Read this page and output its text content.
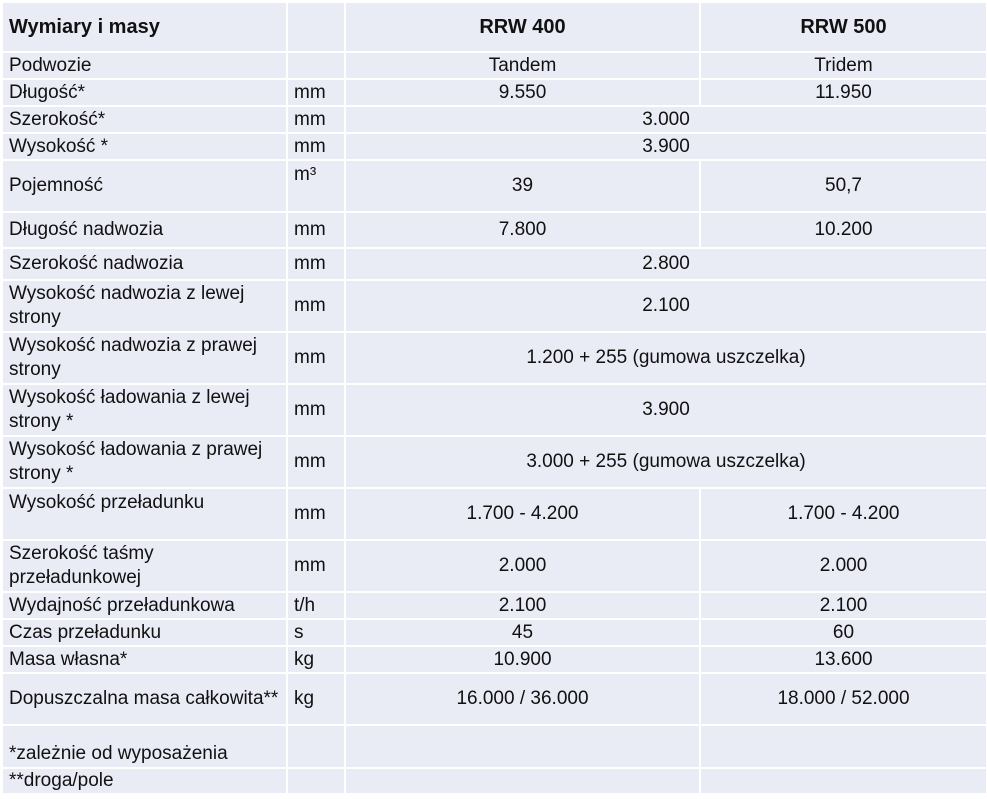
Wymiary i masy		RRW 400	RRW 500
Podwozie		Tandem	Tridem
Długość*	mm	9.550	11.950
Szerokość*	mm	3.000	
Wysokość *	mm	3.900	
Pojemność	m³	39	50,7
Długość nadwozia	mm	7.800	10.200
Szerokość nadwozia	mm	2.800	
Wysokość nadwozia z lewej strony	mm	2.100	
Wysokość nadwozia z prawej strony	mm	1.200 + 255 (gumowa uszczelka)	
Wysokość ładowania z lewej strony *	mm	3.900	
Wysokość ładowania z prawej strony *	mm	3.000 + 255 (gumowa uszczelka)	
Wysokość przeładunku	mm	1.700 - 4.200	1.700 - 4.200
Szerokość taśmy przeładunkowej	mm	2.000	2.000
Wydajność przeładunkowa	t/h	2.100	2.100
Czas przeładunku	s	45	60
Masa własna*	kg	10.900	13.600
Dopuszczalna masa całkowita**	kg	16.000 / 36.000	18.000 / 52.000
*zależnie od wyposażenia			
**droga/pole			
